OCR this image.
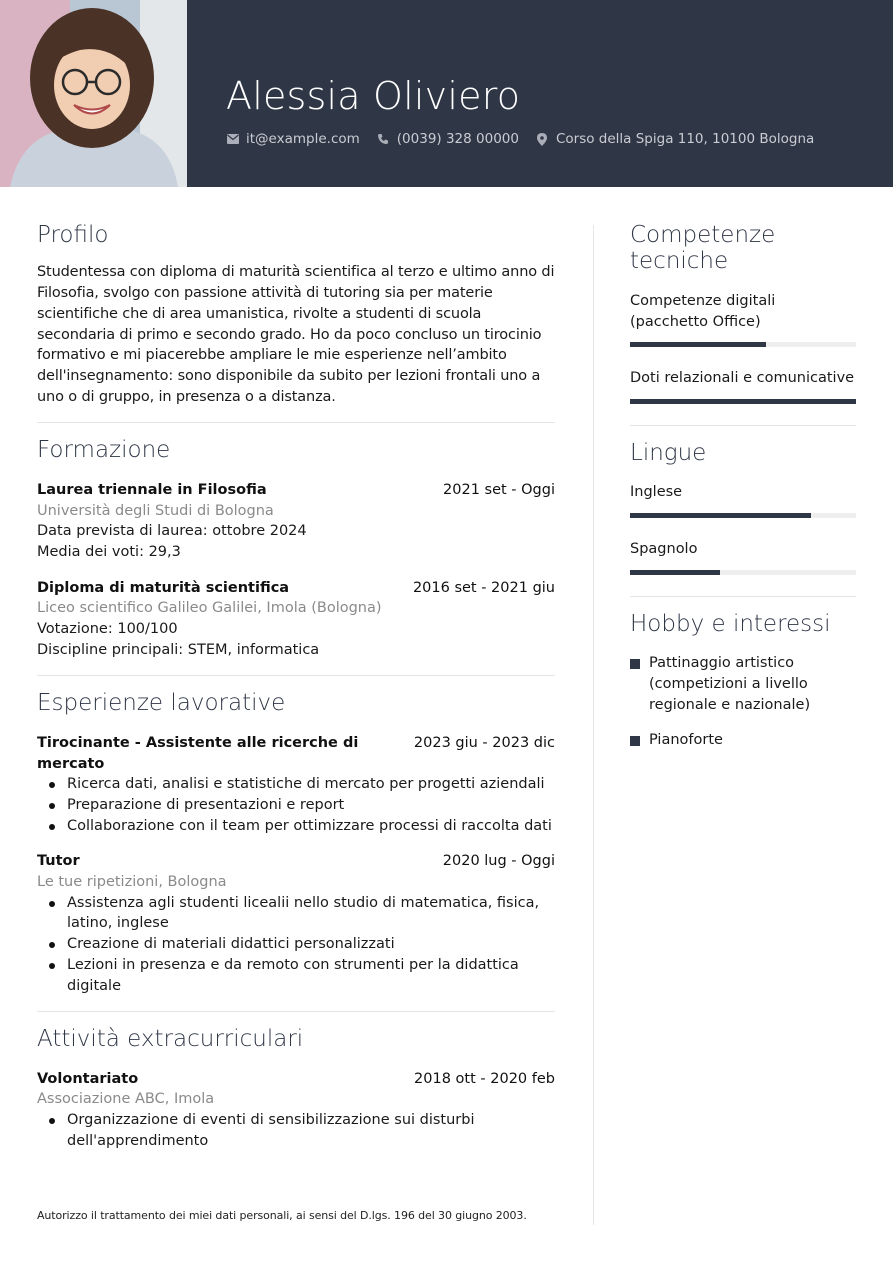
Alessia Oliviero
it@example.com	(0039) 328 00000	Corso della Spiga 110, 10100 Bologna
Profilo

Studentessa con diploma di maturità scientifica al terzo e ultimo anno di Filosofia, svolgo con passione attività di tutoring sia per materie scientifiche che di area umanistica, rivolte a studenti di scuola secondaria di primo e secondo grado. Ho da poco concluso un tirocinio formativo e mi piacerebbe ampliare le mie esperienze nell’ambito dell'insegnamento: sono disponibile da subito per lezioni frontali uno a uno o di gruppo, in presenza o a distanza.

Formazione
Laurea triennale in Filosofia	2021 set - Oggi
Università degli Studi di Bologna
Data prevista di laurea: ottobre 2024
Media dei voti: 29,3
Diploma di maturità scientifica	2016 set - 2021 giu
Liceo scientifico Galileo Galilei, Imola (Bologna)
Votazione: 100/100
Discipline principali: STEM, informatica
Esperienze lavorative
Tirocinante - Assistente alle ricerche di mercato
2023 giu - 2023 dic
Ricerca dati, analisi e statistiche di mercato per progetti aziendali
Preparazione di presentazioni e report
Collaborazione con il team per ottimizzare processi di raccolta dati
Tutor	2020 lug - Oggi
Le tue ripetizioni, Bologna
Assistenza agli studenti licealii nello studio di matematica, fisica, latino, inglese
Creazione di materiali didattici personalizzati
Lezioni in presenza e da remoto con strumenti per la didattica digitale
Attività extracurriculari
Volontariato	2018 ott - 2020 feb
Associazione ABC, Imola
Organizzazione di eventi di sensibilizzazione sui disturbi dell'apprendimento
Autorizzo il trattamento dei miei dati personali, ai sensi del D.lgs. 196 del 30 giugno 2003.
Competenze tecniche
Competenze digitali (pacchetto Office)
Doti relazionali e comunicative
Lingue
Inglese
Spagnolo
Hobby e interessi
Pattinaggio artistico (competizioni a livello regionale e nazionale)
Pianoforte
